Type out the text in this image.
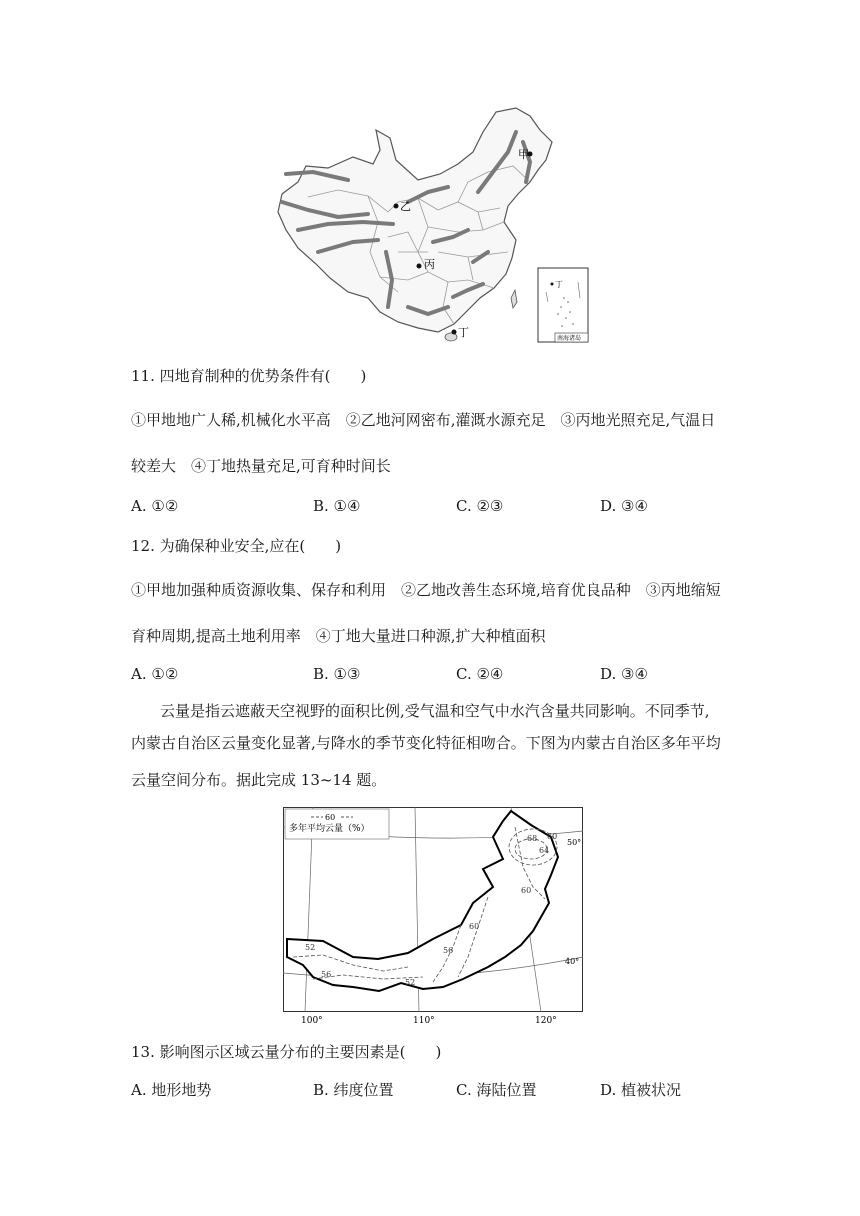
甲
乙
丙
丁
丁
南海诸岛
11. 四地育制种的优势条件有(　　)
①甲地地广人稀,机械化水平高　②乙地河网密布,灌溉水源充足　③丙地光照充足,气温日
较差大　④丁地热量充足,可育种时间长
A. ①②	B. ①④	C. ②③	D. ③④
12. 为确保种业安全,应在(　　)
①甲地加强种质资源收集、保存和利用　②乙地改善生态环境,培育优良品种　③丙地缩短
育种周期,提高土地利用率　④丁地大量进口种源,扩大种植面积
A. ①②	B. ①③	C. ②④	D. ③④
云量是指云遮蔽天空视野的面积比例,受气温和空气中水汽含量共同影响。不同季节,
内蒙古自治区云量变化显著,与降水的季节变化特征相吻合。下图为内蒙古自治区多年平均
云量空间分布。据此完成 13~14 题。
60
多年平均云量（%）
68
64
60
60
60
56
52
56
52
50°
40°
100°	110°	120°
13. 影响图示区域云量分布的主要因素是(　　)
A. 地形地势	B. 纬度位置	C. 海陆位置	D. 植被状况
